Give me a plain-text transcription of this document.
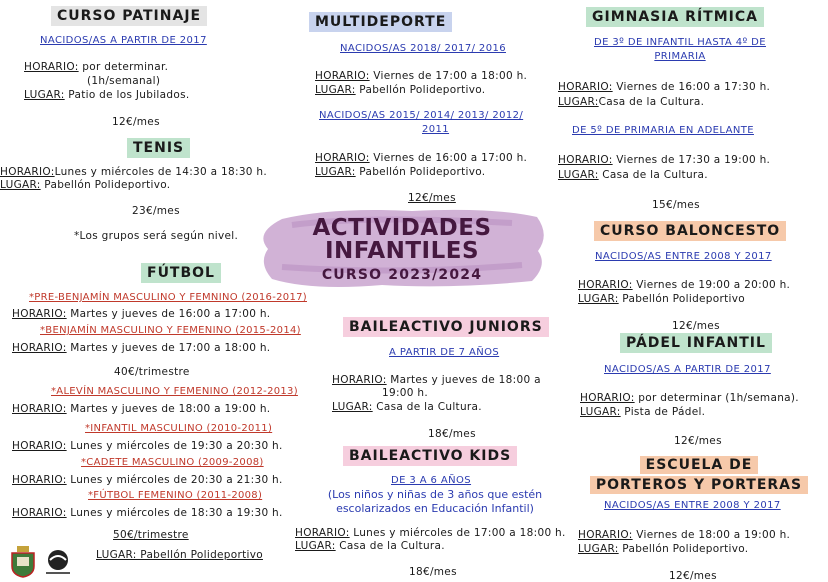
CURSO PATINAJE
NACIDOS/AS A PARTIR DE 2017
HORARIO: por determinar.
(1h/semanal)
LUGAR: Patio de los Jubilados.
12€/mes
TENIS
HORARIO:Lunes y miércoles de 14:30 a 18:30 h.
LUGAR: Pabellón Polideportivo.
23€/mes
*Los grupos será según nivel.
FÚTBOL
*PRE-BENJAMÍN MASCULINO Y FEMNINO (2016-2017)
HORARIO: Martes y jueves de 16:00 a 17:00 h.
*BENJAMÍN MASCULINO Y FEMENINO (2015-2014)
HORARIO: Martes y jueves de 17:00 a 18:00 h.
40€/trimestre
*ALEVÍN MASCULINO Y FEMENINO (2012-2013)
HORARIO: Martes y jueves de 18:00 a 19:00 h.
*INFANTIL MASCULINO (2010-2011)
HORARIO: Lunes y miércoles de 19:30 a 20:30 h.
*CADETE MASCULINO (2009-2008)
HORARIO: Lunes y miércoles de 20:30 a 21:30 h.
*FÚTBOL FEMENINO (2011-2008)
HORARIO: Lunes y miércoles de 18:30 a 19:30 h.
50€/trimestre
LUGAR: Pabellón Polideportivo
MULTIDEPORTE
NACIDOS/AS 2018/ 2017/ 2016
HORARIO: Viernes de 17:00 a 18:00 h.
LUGAR: Pabellón Polideportivo.
NACIDOS/AS 2015/ 2014/ 2013/ 2012/
2011
HORARIO: Viernes de 16:00 a 17:00 h.
LUGAR: Pabellón Polideportivo.
12€/mes
ACTIVIDADES
INFANTILES
CURSO 2023/2024
BAILEACTIVO JUNIORS
A PARTIR DE 7 AÑOS
HORARIO: Martes y jueves de 18:00 a
19:00 h.
LUGAR: Casa de la Cultura.
18€/mes
BAILEACTIVO KIDS
DE 3 A 6 AÑOS
(Los niños y niñas de 3 años que estén
escolarizados en Educación Infantil)
HORARIO: Lunes y miércoles de 17:00 a 18:00 h.
LUGAR: Casa de la Cultura.
18€/mes
GIMNASIA RÍTMICA
DE 3º DE INFANTIL HASTA 4º DE
PRIMARIA
HORARIO: Viernes de 16:00 a 17:30 h.
LUGAR:Casa de la Cultura.
DE 5º DE PRIMARIA EN ADELANTE
HORARIO: Viernes de 17:30 a 19:00 h.
LUGAR: Casa de la Cultura.
15€/mes
CURSO BALONCESTO
NACIDOS/AS ENTRE 2008 Y 2017
HORARIO: Viernes de 19:00 a 20:00 h.
LUGAR: Pabellón Polideportivo
12€/mes
PÁDEL INFANTIL
NACIDOS/AS A PARTIR DE 2017
HORARIO: por determinar (1h/semana).
LUGAR: Pista de Pádel.
12€/mes
ESCUELA DE
PORTEROS Y PORTERAS
NACIDOS/AS ENTRE 2008 Y 2017
HORARIO: Viernes de 18:00 a 19:00 h.
LUGAR: Pabellón Polideportivo.
12€/mes
